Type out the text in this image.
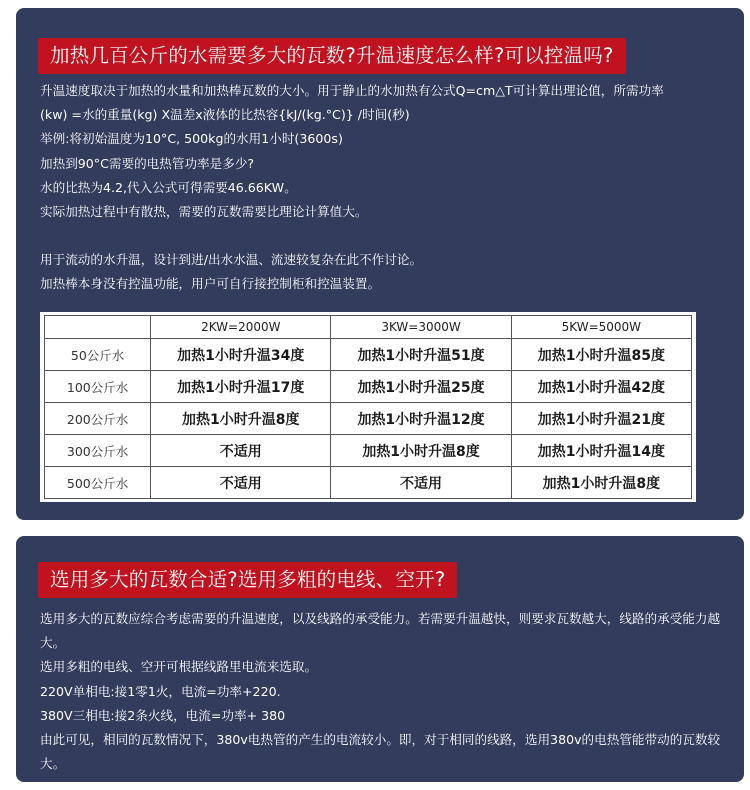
加热几百公斤的水需要多大的瓦数?升温速度怎么样?可以控温吗?

升温速度取决于加热的水量和加热棒瓦数的大小。用于静止的水加热有公式Q=cm△T可计算出理论值，所需功率

(kw) =水的重量(kg) X温差x液体的比热容{kJ/(kg.°C)} /时间(秒)

举例:将初始温度为10°C, 500kg的水用1小时(3600s)

加热到90°C需要的电热管功率是多少?

水的比热为4.2,代入公式可得需要46.66KW。

实际加热过程中有散热，需要的瓦数需要比理论计算值大。

用于流动的水升温，设计到进/出水水温、流速较复杂在此不作讨论。

加热棒本身没有控温功能，用户可自行接控制柜和控温装置。

	2KW=2000W	3KW=3000W	5KW=5000W
50公斤水	加热1小时升温34度	加热1小时升温51度	加热1小时升温85度
100公斤水	加热1小时升温17度	加热1小时升温25度	加热1小时升温42度
200公斤水	加热1小时升温8度	加热1小时升温12度	加热1小时升温21度
300公斤水	不适用	加热1小时升温8度	加热1小时升温14度
500公斤水	不适用	不适用	加热1小时升温8度
选用多大的瓦数合适?选用多粗的电线、空开?

选用多大的瓦数应综合考虑需要的升温速度，以及线路的承受能力。若需要升温越快，则要求瓦数越大，线路的承受能力越大。

选用多粗的电线、空开可根据线路里电流来选取。

220V单相电:接1零1火，电流=功率+220.

380V三相电:接2条火线，电流=功率+ 380

由此可见，相同的瓦数情况下，380v电热管的产生的电流较小。即，对于相同的线路，选用380v的电热管能带动的瓦数较大。
